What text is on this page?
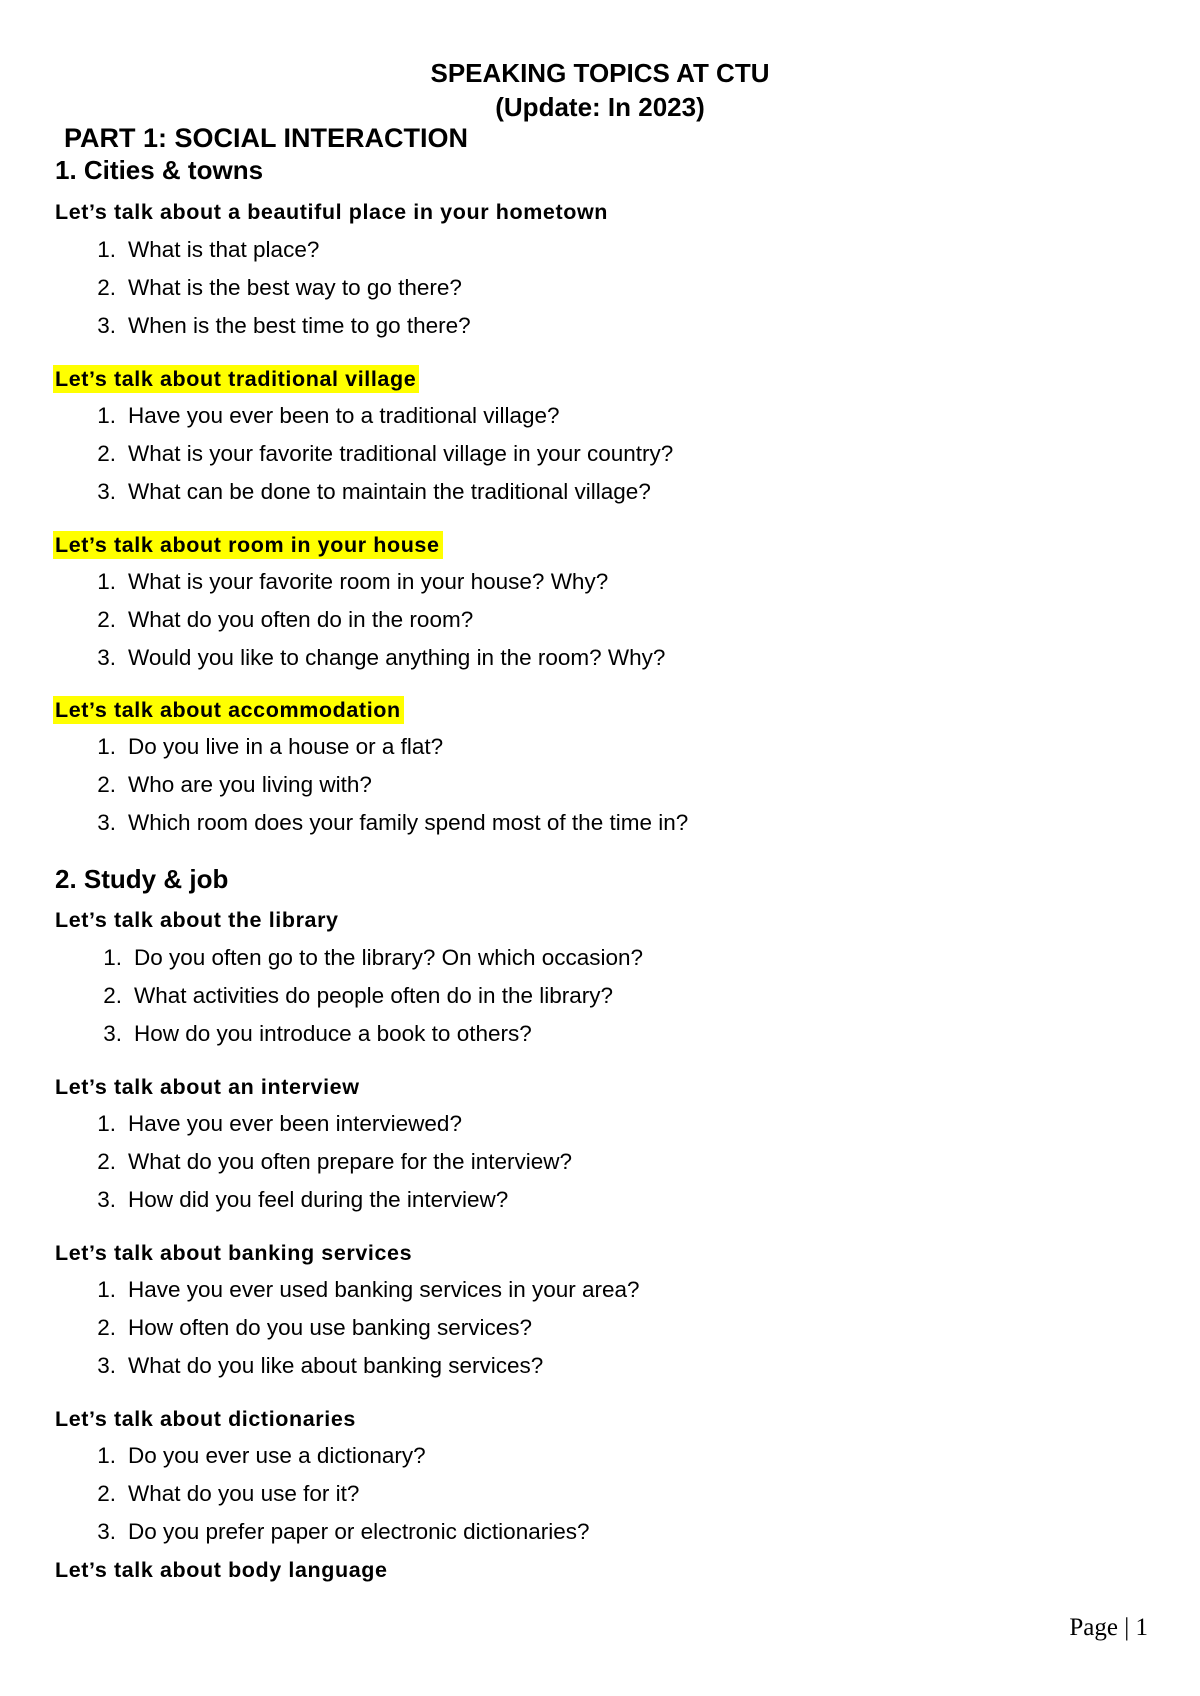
SPEAKING TOPICS AT CTU
(Update: In 2023)
PART 1: SOCIAL INTERACTION
1. Cities & towns
Let’s talk about a beautiful place in your hometown
1. What is that place?
2. What is the best way to go there?
3. When is the best time to go there?
Let’s talk about traditional village
1. Have you ever been to a traditional village?
2. What is your favorite traditional village in your country?
3. What can be done to maintain the traditional village?
Let’s talk about room in your house
1. What is your favorite room in your house? Why?
2. What do you often do in the room?
3. Would you like to change anything in the room? Why?
Let’s talk about accommodation
1. Do you live in a house or a flat?
2. Who are you living with?
3. Which room does your family spend most of the time in?
2. Study & job
Let’s talk about the library
1. Do you often go to the library? On which occasion?
2. What activities do people often do in the library?
3. How do you introduce a book to others?
Let’s talk about an interview
1. Have you ever been interviewed?
2. What do you often prepare for the interview?
3. How did you feel during the interview?
Let’s talk about banking services
1. Have you ever used banking services in your area?
2. How often do you use banking services?
3. What do you like about banking services?
Let’s talk about dictionaries
1. Do you ever use a dictionary?
2. What do you use for it?
3. Do you prefer paper or electronic dictionaries?
Let’s talk about body language
Page | 1
